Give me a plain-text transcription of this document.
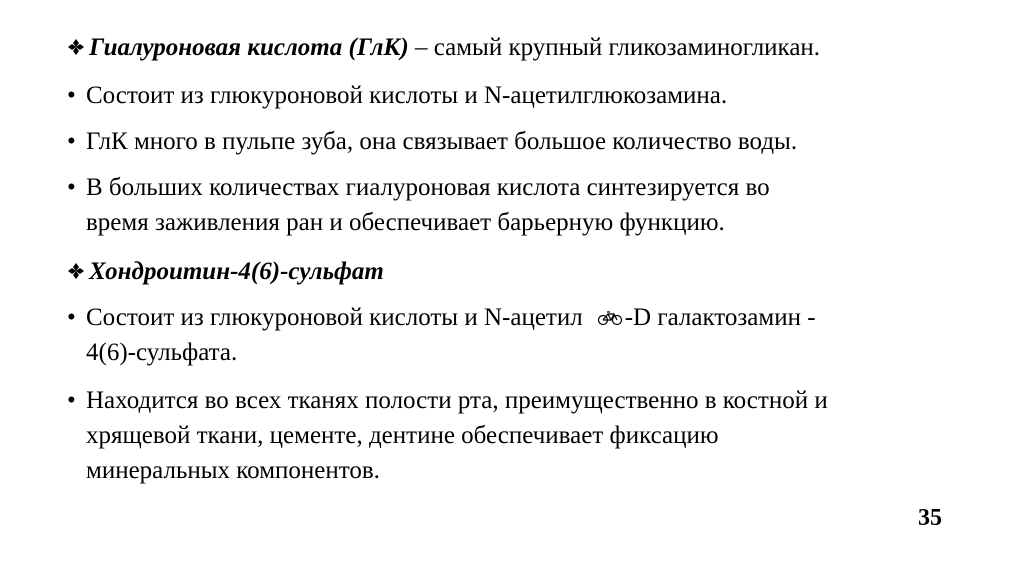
Гиалуроновая кислота (ГлК) – самый крупный гликозаминогликан.
• Состоит из глюкуроновой кислоты и N-ацетилглюкозамина.
• ГлК много в пульпе зуба, она связывает большое количество воды.
• В больших количествах гиалуроновая кислота синтезируется во
время заживления ран и обеспечивает барьерную функцию.
Хондроитин-4(6)-сульфат
• Состоит из глюкуроновой кислоты и N-ацетил -D галактозамин -
4(6)-сульфата.
• Находится во всех тканях полости рта, преимущественно в костной и
хрящевой ткани, цементе, дентине обеспечивает фиксацию
минеральных компонентов.
35
